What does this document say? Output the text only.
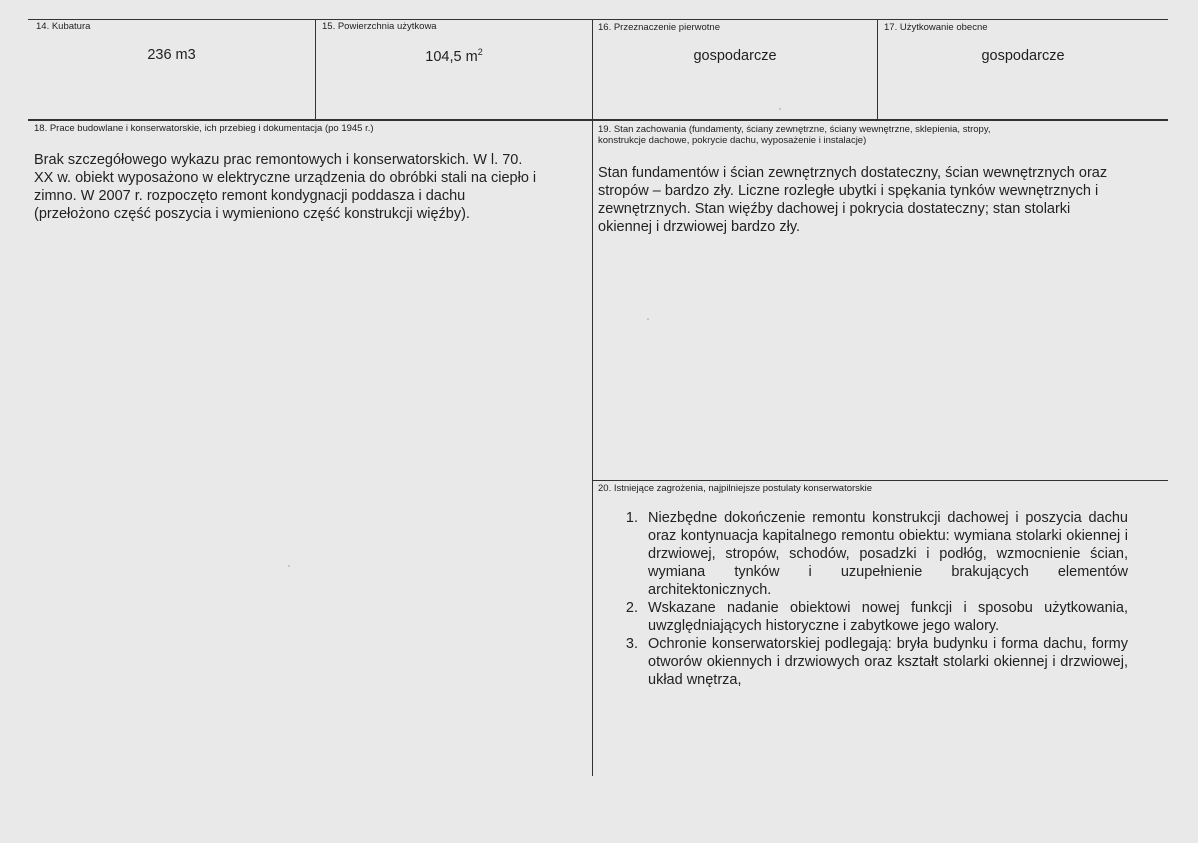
14. Kubatura
236 m3
15. Powierzchnia użytkowa
104,5 $m^2$
16. Przeznaczenie pierwotne
gospodarcze
17. Użytkowanie obecne
gospodarcze
18. Prace budowlane i konserwatorskie, ich przebieg i dokumentacja (po 1945 r.)
Brak szczegółowego wykazu prac remontowych i konserwatorskich. W l. 70.
XX w. obiekt wyposażono w elektryczne urządzenia do obróbki stali na ciepło i
zimno. W 2007 r. rozpoczęto remont kondygnacji poddasza i dachu
(przełożono część poszycia i wymieniono część konstrukcji więźby).
19. Stan zachowania (fundamenty, ściany zewnętrzne, ściany wewnętrzne, sklepienia, stropy,
konstrukcje dachowe, pokrycie dachu, wyposażenie i instalacje)
Stan fundamentów i ścian zewnętrznych dostateczny, ścian wewnętrznych oraz
stropów – bardzo zły. Liczne rozległe ubytki i spękania tynków wewnętrznych i
zewnętrznych. Stan więźby dachowej i pokrycia dostateczny; stan stolarki
okiennej i drzwiowej bardzo zły.
20. Istniejące zagrożenia, najpilniejsze postulaty konserwatorskie
1. Niezbędne dokończenie remontu konstrukcji dachowej i poszycia dachu oraz kontynuacja kapitalnego remontu obiektu: wymiana stolarki okiennej i drzwiowej, stropów, schodów, posadzki i podłóg, wzmocnienie ścian, wymiana tynków i uzupełnienie brakujących elementów architektonicznych.
2. Wskazane nadanie obiektowi nowej funkcji i sposobu użytkowania, uwzględniających historyczne i zabytkowe jego walory.
3. Ochronie konserwatorskiej podlegają: bryła budynku i forma dachu, formy otworów okiennych i drzwiowych oraz kształt stolarki okiennej i drzwiowej, układ wnętrza,
